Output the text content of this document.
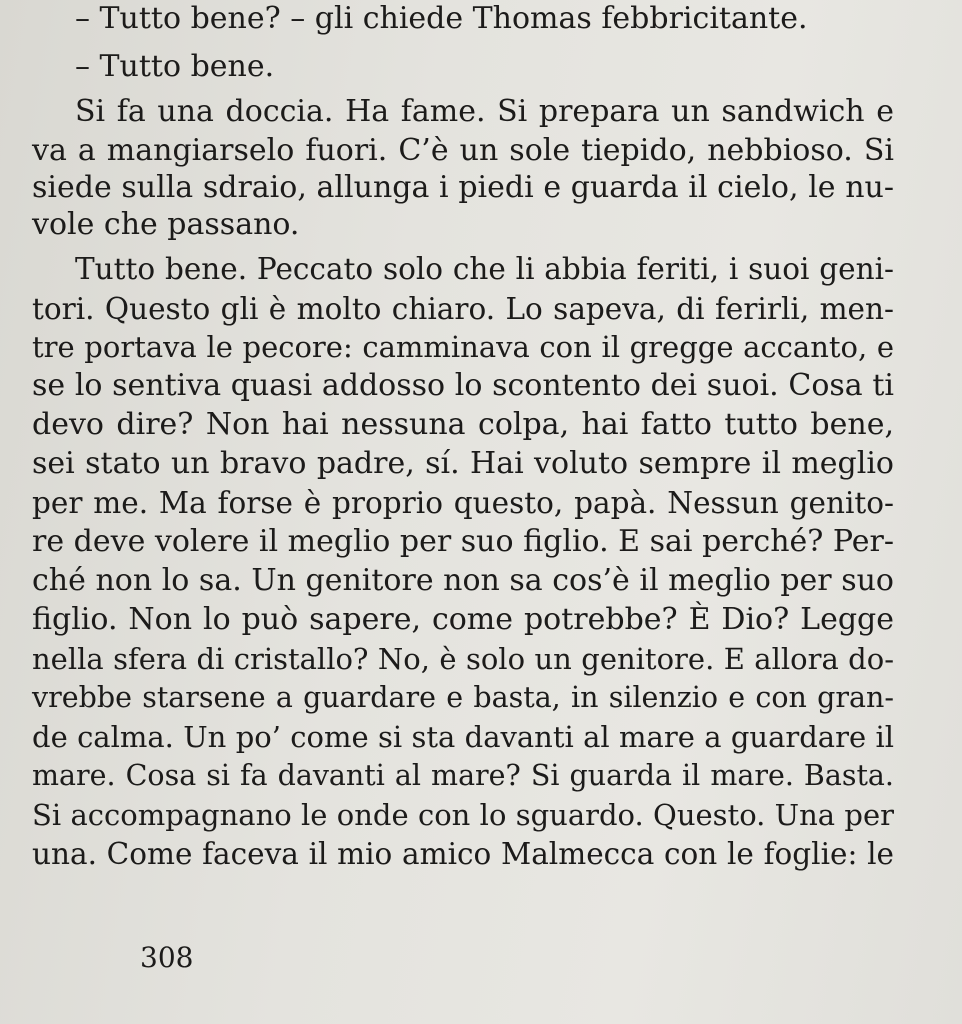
– Tutto bene? – gli chiede Thomas febbricitante.
– Tutto bene.
Si fa una doccia. Ha fame. Si prepara un sandwich e
va a mangiarselo fuori. C’è un sole tiepido, nebbioso. Si
siede sulla sdraio, allunga i piedi e guarda il cielo, le nu-
vole che passano.
Tutto bene. Peccato solo che li abbia feriti, i suoi geni-
tori. Questo gli è molto chiaro. Lo sapeva, di ferirli, men-
tre portava le pecore: camminava con il gregge accanto, e
se lo sentiva quasi addosso lo scontento dei suoi. Cosa ti
devo dire? Non hai nessuna colpa, hai fatto tutto bene,
sei stato un bravo padre, sí. Hai voluto sempre il meglio
per me. Ma forse è proprio questo, papà. Nessun genito-
re deve volere il meglio per suo figlio. E sai perché? Per-
ché non lo sa. Un genitore non sa cos’è il meglio per suo
figlio. Non lo può sapere, come potrebbe? È Dio? Legge
nella sfera di cristallo? No, è solo un genitore. E allora do-
vrebbe starsene a guardare e basta, in silenzio e con gran-
de calma. Un po’ come si sta davanti al mare a guardare il
mare. Cosa si fa davanti al mare? Si guarda il mare. Basta.
Si accompagnano le onde con lo sguardo. Questo. Una per
una. Come faceva il mio amico Malmecca con le foglie: le
308
